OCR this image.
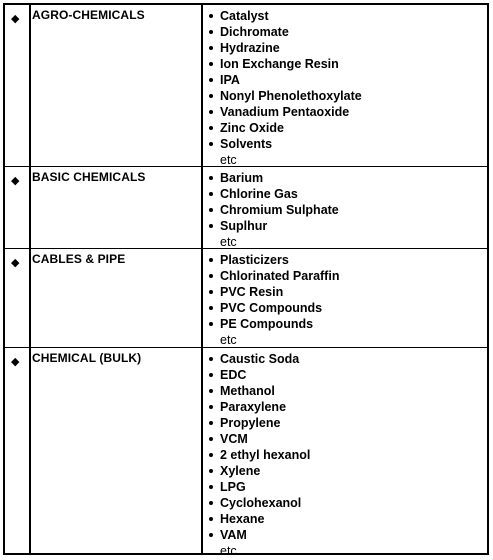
◆ AGRO-CHEMICALS	Catalyst
Dichromate
Hydrazine
Ion Exchange Resin
IPA
Nonyl Phenolethoxylate
Vanadium Pentaoxide
Zinc Oxide
Solvents
etc
◆ BASIC CHEMICALS	Barium
Chlorine Gas
Chromium Sulphate
Suplhur
etc
◆ CABLES & PIPE	Plasticizers
Chlorinated Paraffin
PVC Resin
PVC Compounds
PE Compounds
etc
◆ CHEMICAL (BULK)	Caustic Soda
EDC
Methanol
Paraxylene
Propylene
VCM
2 ethyl hexanol
Xylene
LPG
Cyclohexanol
Hexane
VAM
etc
